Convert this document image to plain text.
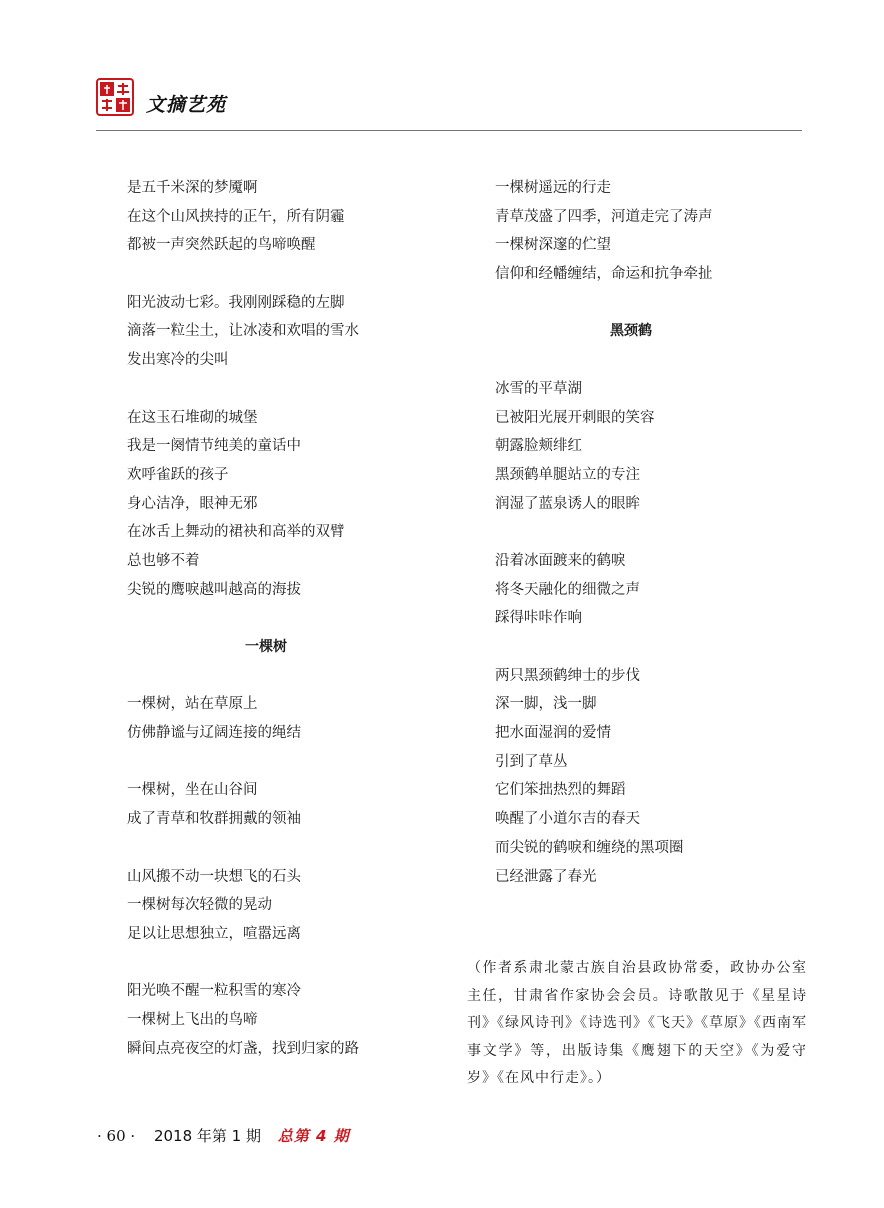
文摘艺苑
是五千米深的梦魇啊
在这个山风挟持的正午，所有阴霾
都被一声突然跃起的鸟啼唤醒
阳光波动七彩。我刚刚踩稳的左脚
滴落一粒尘土，让冰凌和欢唱的雪水
发出寒冷的尖叫
在这玉石堆砌的城堡
我是一阕情节纯美的童话中
欢呼雀跃的孩子
身心洁净，眼神无邪
在冰舌上舞动的裙袂和高举的双臂
总也够不着
尖锐的鹰唳越叫越高的海拔
一棵树
一棵树，站在草原上
仿佛静谧与辽阔连接的绳结
一棵树，坐在山谷间
成了青草和牧群拥戴的领袖
山风搬不动一块想飞的石头
一棵树每次轻微的晃动
足以让思想独立，喧嚣远离
阳光唤不醒一粒积雪的寒冷
一棵树上飞出的鸟啼
瞬间点亮夜空的灯盏，找到归家的路
一棵树遥远的行走
青草茂盛了四季，河道走完了涛声
一棵树深邃的伫望
信仰和经幡缠结，命运和抗争牵扯
黑颈鹤
冰雪的平草湖
已被阳光展开刺眼的笑容
朝露脸颊绯红
黑颈鹤单腿站立的专注
润湿了蓝泉诱人的眼眸
沿着冰面踱来的鹤唳
将冬天融化的细微之声
踩得咔咔作响
两只黑颈鹤绅士的步伐
深一脚，浅一脚
把水面湿润的爱情
引到了草丛
它们笨拙热烈的舞蹈
唤醒了小道尔吉的春天
而尖锐的鹤唳和缠绕的黑项圈
已经泄露了春光
（作者系肃北蒙古族自治县政协常委，政协办公室主任，甘肃省作家协会会员。诗歌散见于《星星诗刊》《绿风诗刊》《诗选刊》《飞天》《草原》《西南军事文学》等，出版诗集《鹰翅下的天空》《为爱守岁》《在风中行走》。）
· 60 · 2018 年第 1 期 总第 4 期
